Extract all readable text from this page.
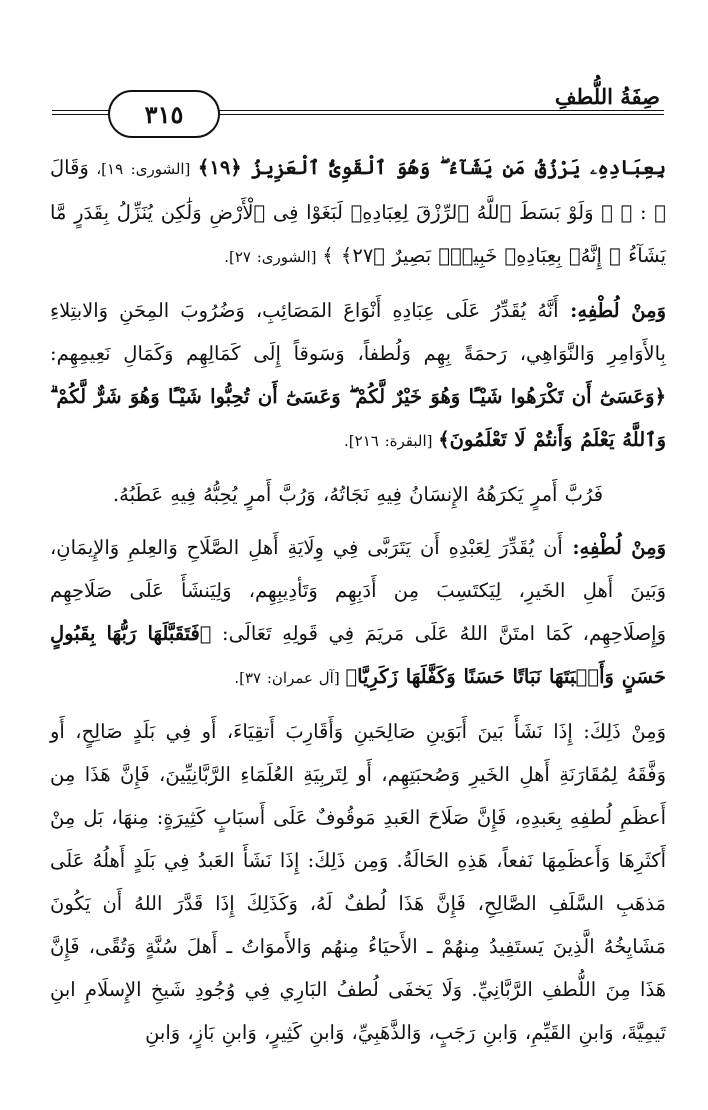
صِفَةُ اللُّطفِ
٣١٥

بِعِبَادِهِۦ يَرْزُقُ مَن يَشَآءُ ۖ وَهُوَ ٱلْقَوِىُّ ٱلْعَزِيزُ ﴿١٩﴾ [الشورى: ١٩]، وَقَالَ ﷺ : ﴿ ۞ وَلَوْ بَسَطَ ٱللَّهُ ٱلرِّزْقَ لِعِبَادِهِۦ لَبَغَوْا فِى ٱلْأَرْضِ وَلَٰكِن يُنَزِّلُ بِقَدَرٍ مَّا يَشَآءُ ۚ إِنَّهُۥ بِعِبَادِهِۦ خَبِيرٌۢ بَصِيرٌ ﴿٢٧﴾ ﴾ [الشورى: ٢٧].

وَمِنْ لُطْفِهِ: أَنَّهُ يُقَدِّرُ عَلَى عِبَادِهِ أَنْوَاعَ المَصَائِبِ، وَضُرُوبَ المِحَنِ وَالابتِلاءِ بِالأَوَامِرِ وَالنَّوَاهِي، رَحمَةً بِهِم وَلُطفاً، وَسَوقاً إِلَى كَمَالِهِم وَكَمَالِ نَعِيمِهِم: ﴿وَعَسَىٰٓ أَن تَكْرَهُوا شَيْـًٔا وَهُوَ خَيْرٌ لَّكُمْ ۖ وَعَسَىٰٓ أَن تُحِبُّوا شَيْـًٔا وَهُوَ شَرٌّ لَّكُمْ ۗ وَٱللَّهُ يَعْلَمُ وَأَنتُمْ لَا تَعْلَمُونَ﴾ [البقرة: ٢١٦].

فَرُبَّ أَمرٍ يَكرَهُهُ الإِنسَانُ فِيهِ نَجَاتُهُ، وَرُبَّ أَمرٍ يُحِبُّهُ فِيهِ عَطَبُهُ.

وَمِنْ لُطْفِهِ: أَن يُقَدِّرَ لِعَبْدِهِ أَن يَتَرَبَّى فِي وِلَايَةِ أَهلِ الصَّلَاحِ وَالعِلمِ وَالإِيمَانِ، وَبَينَ أَهلِ الخَيرِ، لِيَكتَسِبَ مِن أَدَبِهِم وَتَأدِيبِهِم، وَلِيَنشَأَ عَلَى صَلَاحِهِم وَإِصلَاحِهِم، كَمَا امتَنَّ اللهُ عَلَى مَريَمَ فِي قَولِهِ تَعَالَى: ﴿فَتَقَبَّلَهَا رَبُّهَا بِقَبُولٍ حَسَنٍ وَأَنۢبَتَهَا نَبَاتًا حَسَنًا وَكَفَّلَهَا زَكَرِيَّا﴾ [آل عمران: ٣٧].

وَمِنْ ذَلِكَ: إِذَا نَشَأَ بَينَ أَبَوَينِ صَالِحَينِ وَأَقَارِبَ أَتقِيَاءَ، أَو فِي بَلَدٍ صَالِحٍ، أَو وَفَّقَهُ لِمُقَارَنَةِ أَهلِ الخَيرِ وَصُحبَتِهِم، أَو لِتَربِيَةِ العُلَمَاءِ الرَّبَّانِيِّينَ، فَإِنَّ هَذَا مِن أَعظَمِ لُطفِهِ بِعَبدِهِ، فَإِنَّ صَلَاحَ العَبدِ مَوقُوفٌ عَلَى أَسبَابٍ كَثِيرَةٍ: مِنهَا، بَل مِنْ أَكثَرِهَا وَأَعظَمِهَا نَفعاً، هَذِهِ الحَالَةُ. وَمِن ذَلِكَ: إِذَا نَشَأَ العَبدُ فِي بَلَدٍ أَهلُهُ عَلَى مَذهَبِ السَّلَفِ الصَّالِحِ، فَإِنَّ هَذَا لُطفٌ لَهُ، وَكَذَلِكَ إِذَا قَدَّرَ اللهُ أَن يَكُونَ مَشَايِخُهُ الَّذِينَ يَستَفِيدُ مِنهُمْ ـ الأَحيَاءُ مِنهُم وَالأَموَاتُ ـ أَهلَ سُنَّةٍ وَتُقًى، فَإِنَّ هَذَا مِنَ اللُّطفِ الرَّبَّانِيِّ. وَلَا يَخفَى لُطفُ البَارِي فِي وُجُودِ شَيخِ الإِسلَامِ ابنِ تَيمِيَّةَ، وَابنِ القَيِّمِ، وَابنِ رَجَبٍ، وَالذَّهَبِيِّ، وَابنِ كَثِيرٍ، وَابنِ بَازٍ، وَابنِ
